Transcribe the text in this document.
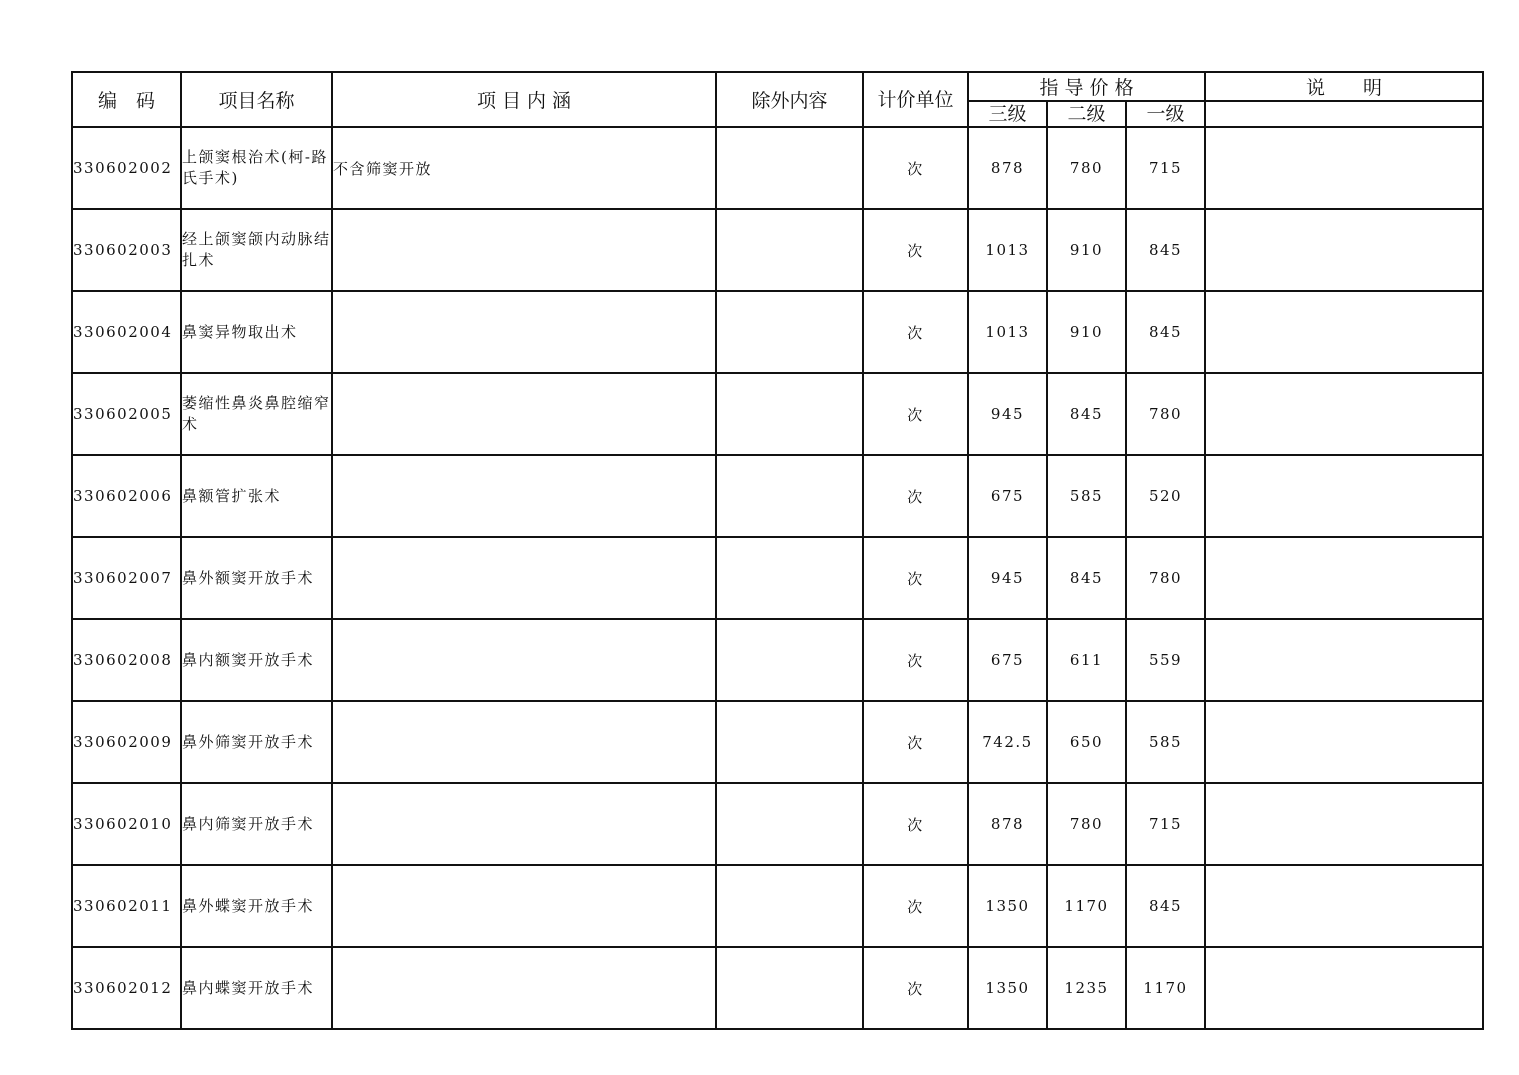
编　码	项目名称	项 目 内 涵	除外内容	计价单位	指 导 价 格			说　　明
					三级	二级	一级	
330602002	上颌窦根治术(柯-路氏手术)	不含筛窦开放		次	878	780	715	
330602003	经上颌窦颌内动脉结扎术			次	1013	910	845	
330602004	鼻窦异物取出术			次	1013	910	845	
330602005	萎缩性鼻炎鼻腔缩窄术			次	945	845	780	
330602006	鼻额管扩张术			次	675	585	520	
330602007	鼻外额窦开放手术			次	945	845	780	
330602008	鼻内额窦开放手术			次	675	611	559	
330602009	鼻外筛窦开放手术			次	742.5	650	585	
330602010	鼻内筛窦开放手术			次	878	780	715	
330602011	鼻外蝶窦开放手术			次	1350	1170	845	
330602012	鼻内蝶窦开放手术			次	1350	1235	1170	
